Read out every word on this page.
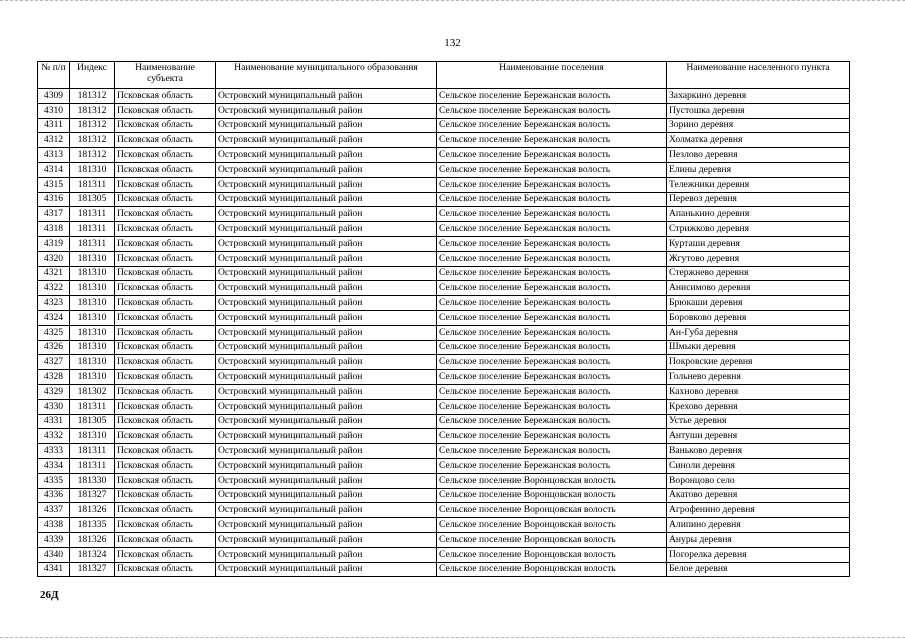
132
№ п/п	Индекс	Наименование субъекта	Наименование муниципального образования	Наименование поселения	Наименование населенного пункта
4309	181312	Псковская область	Островский муниципальный район	Сельское поселение Бережанская волость	Захаркино деревня
4310	181312	Псковская область	Островский муниципальный район	Сельское поселение Бережанская волость	Пустошка деревня
4311	181312	Псковская область	Островский муниципальный район	Сельское поселение Бережанская волость	Зорино деревня
4312	181312	Псковская область	Островский муниципальный район	Сельское поселение Бережанская волость	Холматка деревня
4313	181312	Псковская область	Островский муниципальный район	Сельское поселение Бережанская волость	Пезлово деревня
4314	181310	Псковская область	Островский муниципальный район	Сельское поселение Бережанская волость	Елины деревня
4315	181311	Псковская область	Островский муниципальный район	Сельское поселение Бережанская волость	Тележники деревня
4316	181305	Псковская область	Островский муниципальный район	Сельское поселение Бережанская волость	Перевоз деревня
4317	181311	Псковская область	Островский муниципальный район	Сельское поселение Бережанская волость	Апанькино деревня
4318	181311	Псковская область	Островский муниципальный район	Сельское поселение Бережанская волость	Стрижково деревня
4319	181311	Псковская область	Островский муниципальный район	Сельское поселение Бережанская волость	Курташи деревня
4320	181310	Псковская область	Островский муниципальный район	Сельское поселение Бережанская волость	Жгутово деревня
4321	181310	Псковская область	Островский муниципальный район	Сельское поселение Бережанская волость	Стержнево деревня
4322	181310	Псковская область	Островский муниципальный район	Сельское поселение Бережанская волость	Анисимово деревня
4323	181310	Псковская область	Островский муниципальный район	Сельское поселение Бережанская волость	Брюкаши деревня
4324	181310	Псковская область	Островский муниципальный район	Сельское поселение Бережанская волость	Боровково деревня
4325	181310	Псковская область	Островский муниципальный район	Сельское поселение Бережанская волость	Ан-Губа деревня
4326	181310	Псковская область	Островский муниципальный район	Сельское поселение Бережанская волость	Шмыки деревня
4327	181310	Псковская область	Островский муниципальный район	Сельское поселение Бережанская волость	Покровские деревня
4328	181310	Псковская область	Островский муниципальный район	Сельское поселение Бережанская волость	Гольнево деревня
4329	181302	Псковская область	Островский муниципальный район	Сельское поселение Бережанская волость	Кахново деревня
4330	181311	Псковская область	Островский муниципальный район	Сельское поселение Бережанская волость	Крехово деревня
4331	181305	Псковская область	Островский муниципальный район	Сельское поселение Бережанская волость	Устье деревня
4332	181310	Псковская область	Островский муниципальный район	Сельское поселение Бережанская волость	Антуши деревня
4333	181311	Псковская область	Островский муниципальный район	Сельское поселение Бережанская волость	Ваньково деревня
4334	181311	Псковская область	Островский муниципальный район	Сельское поселение Бережанская волость	Синоли деревня
4335	181330	Псковская область	Островский муниципальный район	Сельское поселение Воронцовская волость	Воронцово село
4336	181327	Псковская область	Островский муниципальный район	Сельское поселение Воронцовская волость	Акатово деревня
4337	181326	Псковская область	Островский муниципальный район	Сельское поселение Воронцовская волость	Агрофенино деревня
4338	181335	Псковская область	Островский муниципальный район	Сельское поселение Воронцовская волость	Алипино деревня
4339	181326	Псковская область	Островский муниципальный район	Сельское поселение Воронцовская волость	Ануры деревня
4340	181324	Псковская область	Островский муниципальный район	Сельское поселение Воронцовская волость	Погорелка деревня
4341	181327	Псковская область	Островский муниципальный район	Сельское поселение Воронцовская волость	Белое деревня
26Д
